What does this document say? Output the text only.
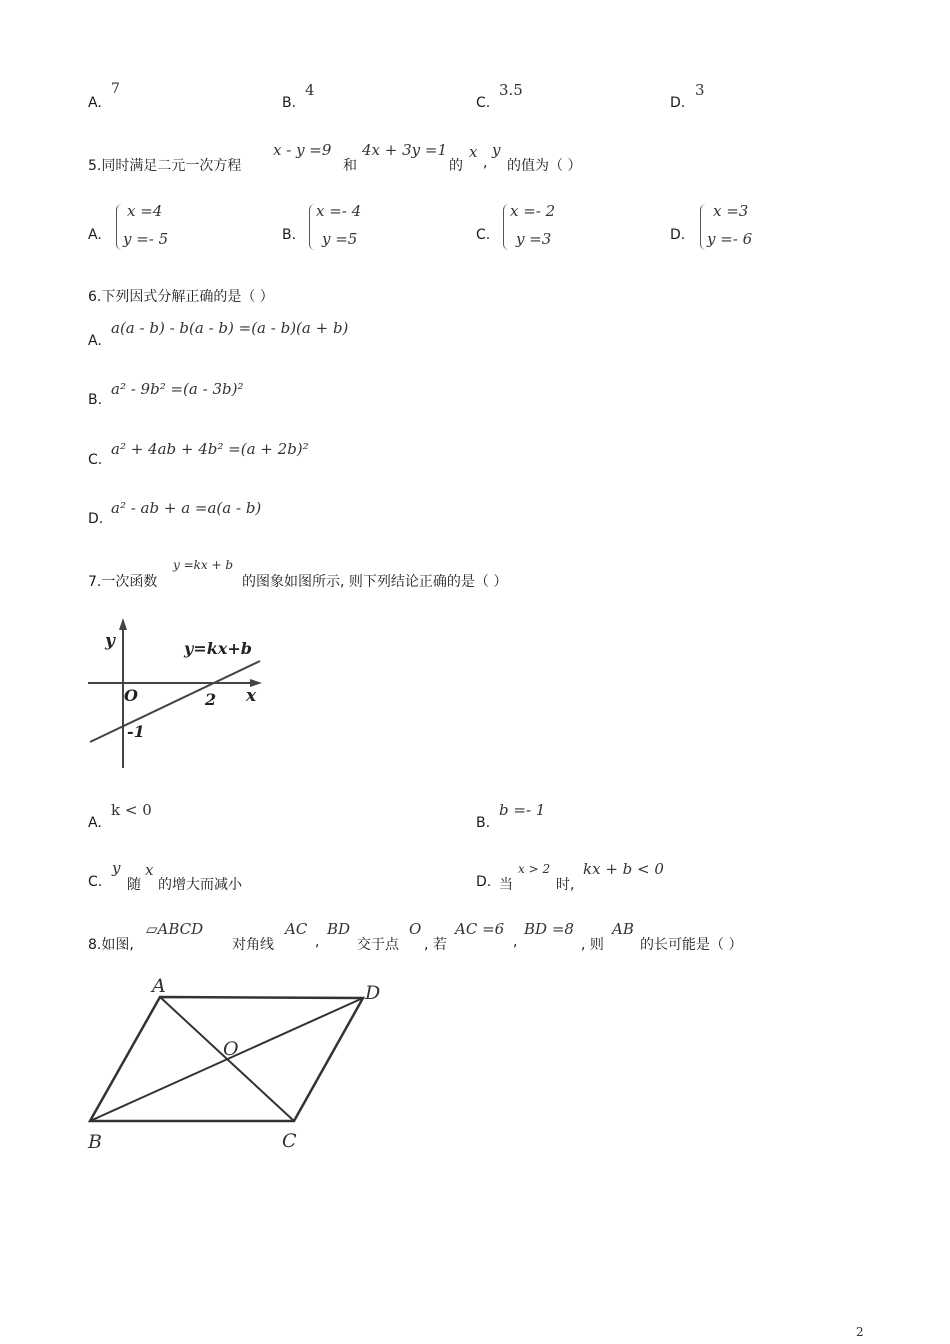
A.
7
B.
4
C.
3.5
D.
3
5.同时满足二元一次方程
x - y =9
和
4x + 3y =1
的
x
,
y
的值为（ ）
A.
x =4
y =- 5	B.
x =- 4
y =5	C.
x =- 2
y =3	D.
x =3
y =- 6
6.下列因式分解正确的是（ ）
A.
a(a - b) - b(a - b) =(a - b)(a + b)
B.
a² - 9b² =(a - 3b)²
C.
a² + 4ab + 4b² =(a + 2b)²
D.
a² - ab + a =a(a - b)
7.一次函数
y =kx + b
的图象如图所示, 则下列结论正确的是（ ）
y
x
y=kx+b
O	2
-1
A.
k < 0
B.
b =- 1
C.
y
随
x
的增大而减小	D. 当
x > 2
时,
kx + b < 0
8.如图,
▱ABCD
对角线
AC
,
BD
交于点
O
, 若
AC =6
,
BD =8
, 则
AB
的长可能是（ ）
A	D
B	C
O
2
